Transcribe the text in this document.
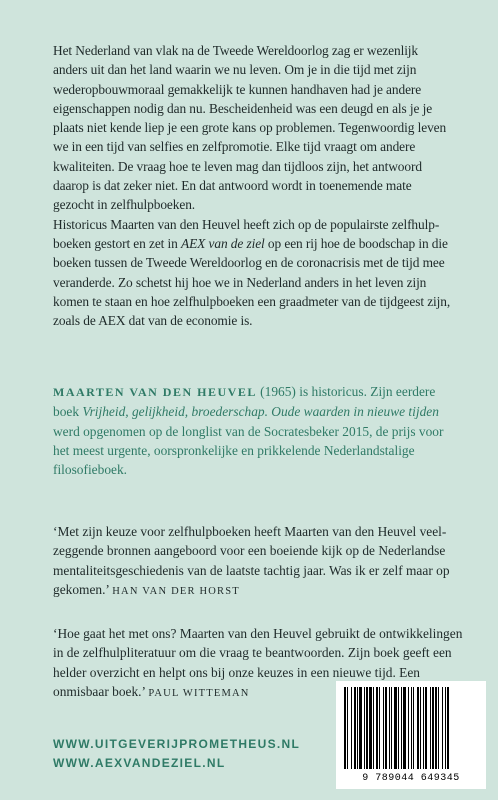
Het Nederland van vlak na de Tweede Wereldoorlog zag er wezenlijk anders uit dan het land waarin we nu leven. Om je in die tijd met zijn wederopbouwmoraal gemakkelijk te kunnen handhaven had je andere eigenschappen nodig dan nu. Bescheidenheid was een deugd en als je je plaats niet kende liep je een grote kans op problemen. Tegenwoordig leven we in een tijd van selfies en zelfpromotie. Elke tijd vraagt om andere kwaliteiten. De vraag hoe te leven mag dan tijdloos zijn, het antwoord daarop is dat zeker niet. En dat antwoord wordt in toenemende mate gezocht in zelfhulpboeken.

Historicus Maarten van den Heuvel heeft zich op de populairste zelfhulpboeken gestort en zet in AEX van de ziel op een rij hoe de boodschap in die boeken tussen de Tweede Wereldoorlog en de coronacrisis met de tijd mee veranderde. Zo schetst hij hoe we in Nederland anders in het leven zijn komen te staan en hoe zelfhulpboeken een graadmeter van de tijdgeest zijn, zoals de AEX dat van de economie is.

MAARTEN VAN DEN HEUVEL (1965) is historicus. Zijn eerdere boek Vrijheid, gelijkheid, broederschap. Oude waarden in nieuwe tijden werd opgenomen op de longlist van de Socratesbeker 2015, de prijs voor het meest urgente, oorspronkelijke en prikkelende Nederlandstalige filosofieboek.
‘Met zijn keuze voor zelfhulpboeken heeft Maarten van den Heuvel veelzeggende bronnen aangeboord voor een boeiende kijk op de Nederlandse mentaliteitsgeschiedenis van de laatste tachtig jaar. Was ik er zelf maar op gekomen.’ HAN VAN DER HORST
‘Hoe gaat het met ons? Maarten van den Heuvel gebruikt de ontwikkelingen in de zelfhulpliteratuur om die vraag te beantwoorden. Zijn boek geeft een helder overzicht en helpt ons bij onze keuzes in een nieuwe tijd. Een onmisbaar boek.’ PAUL WITTEMAN
WWW.UITGEVERIJPROMETHEUS.NL
WWW.AEXVANDEZIEL.NL
9 789044 649345
